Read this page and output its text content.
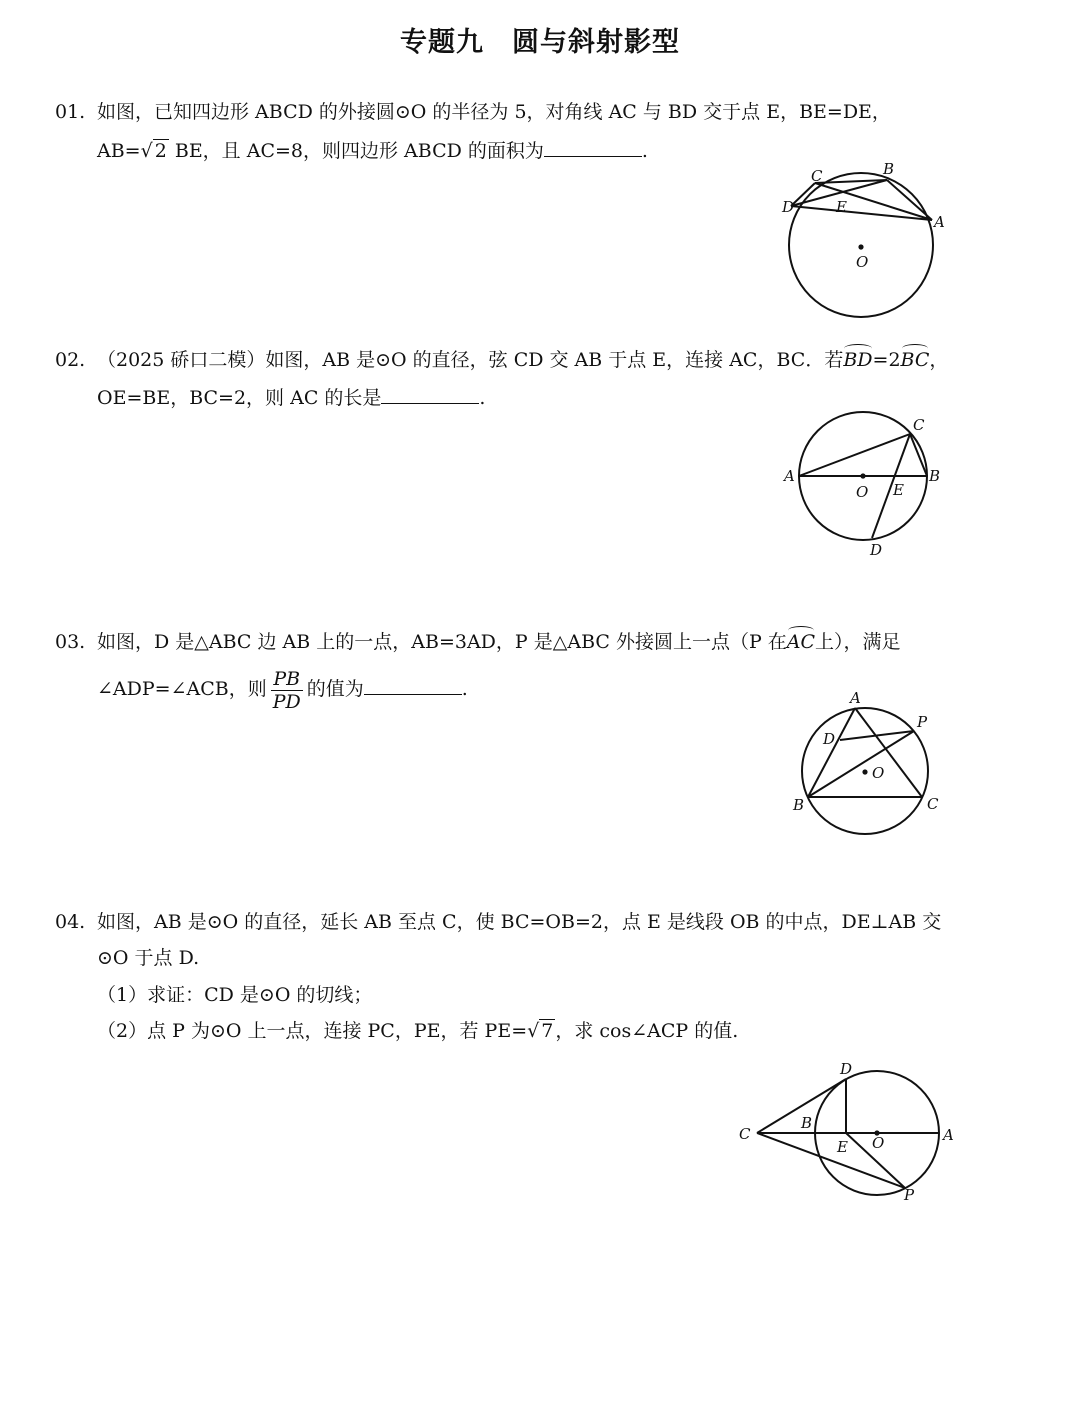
专题九　圆与斜射影型
01. 如图，已知四边形 ABCD 的外接圆⊙O 的半径为 5，对角线 AC 与 BD 交于点 E，BE=DE，
AB=√ 2 BE，且 AC=8，则四边形 ABCD 的面积为	.
C	B
D	E
A
O
02. （2025 硚口二模）如图，AB 是⊙O 的直径，弦 CD 交 AB 于点 E，连接 AC，BC．若BD=2BC，
OE=BE，BC=2，则 AC 的长是	.
C
A	B
O E
D
03. 如图，D 是△ABC 边 AB 上的一点，AB=3AD，P 是△ABC 外接圆上一点（P 在AC上），满足
∠ADP=∠ACB，则 $\frac{PB}{PD}$ 的值为	.	A
P
D
O
B	C
04. 如图，AB 是⊙O 的直径，延长 AB 至点 C，使 BC=OB=2，点 E 是线段 OB 的中点，DE⊥AB 交
⊙O 于点 D.
（1）求证：CD 是⊙O 的切线；
（2）点 P 为⊙O 上一点，连接 PC，PE，若 PE=√ 7 ，求 cos∠ACP 的值.
D
C
B
E O	A
P
